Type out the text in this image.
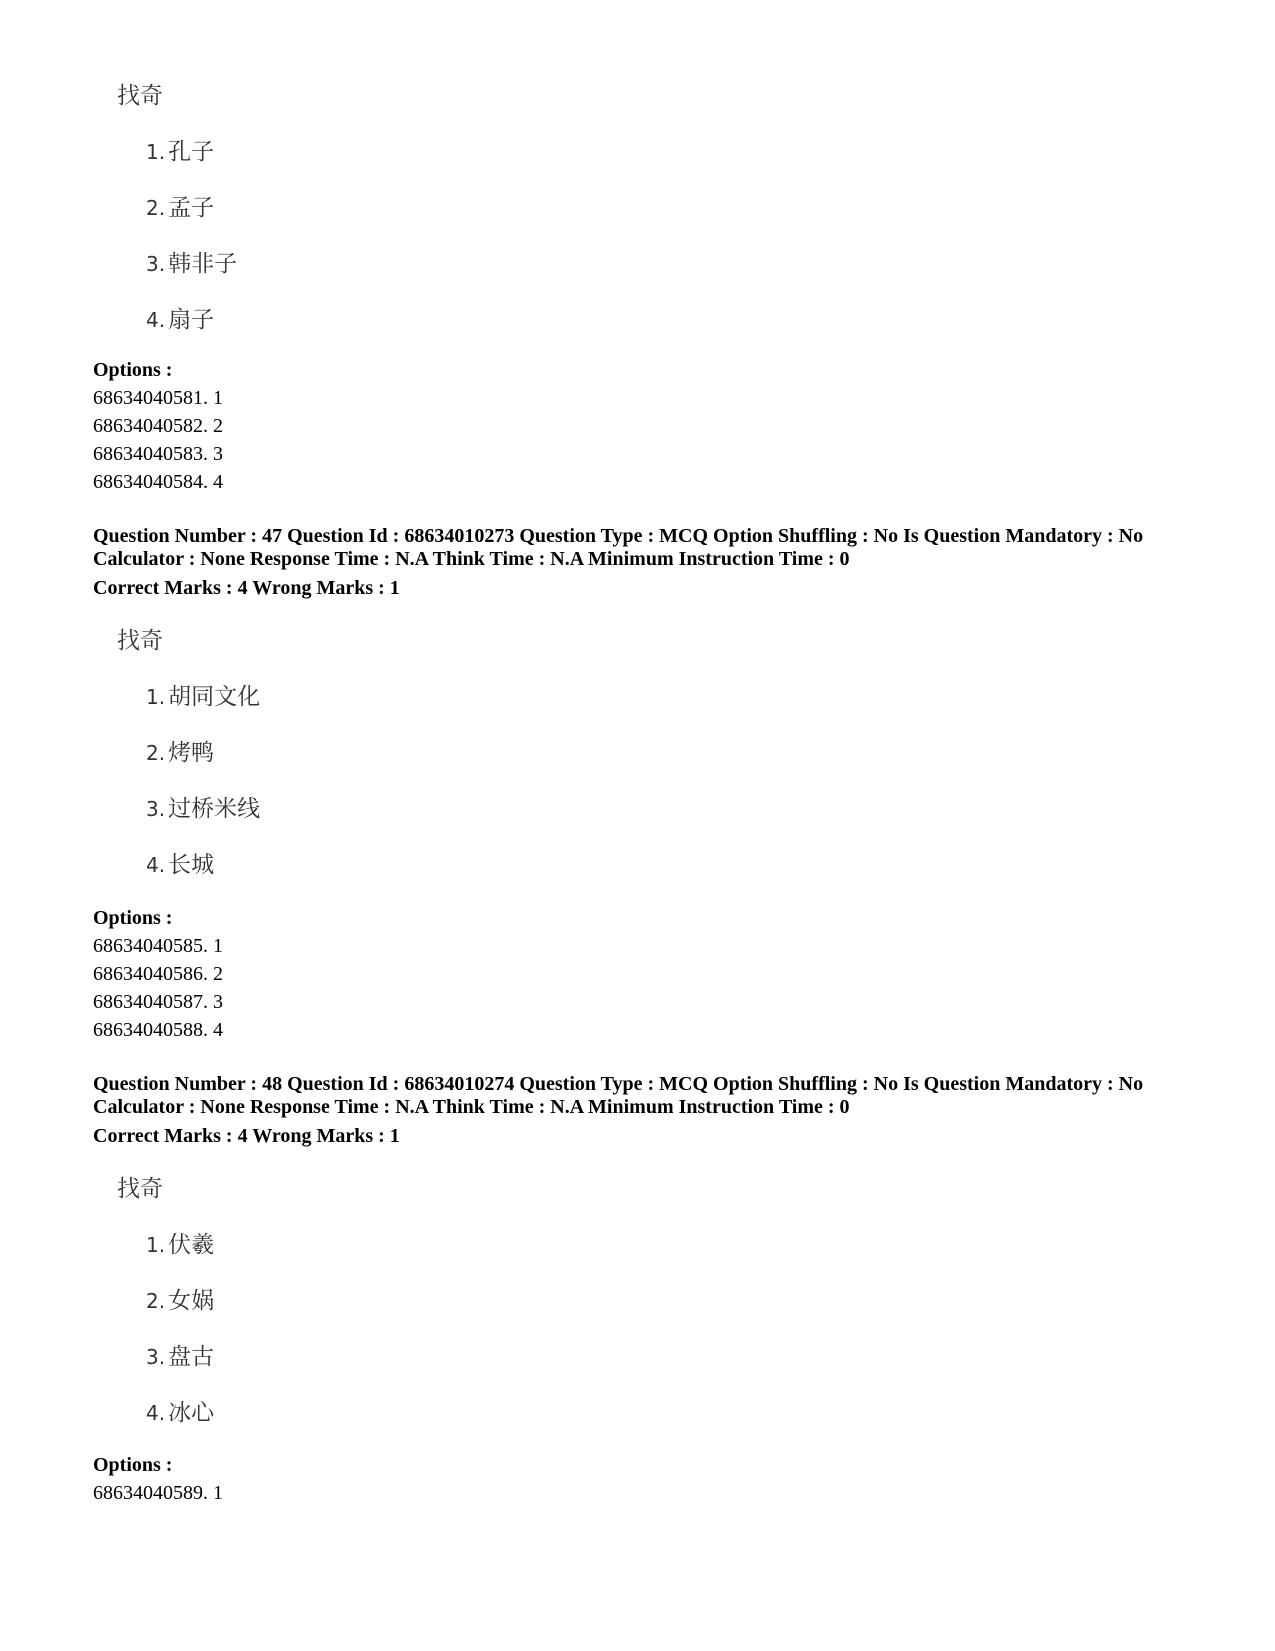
找奇
1. 孔子
2. 孟子
3. 韩非子
4. 扇子
Options :
68634040581. 1
68634040582. 2
68634040583. 3
68634040584. 4
Question Number : 47 Question Id : 68634010273 Question Type : MCQ Option Shuffling : No Is Question Mandatory : No Calculator : None Response Time : N.A Think Time : N.A Minimum Instruction Time : 0
Correct Marks : 4 Wrong Marks : 1
找奇
1. 胡同文化
2. 烤鸭
3. 过桥米线
4. 长城
Options :
68634040585. 1
68634040586. 2
68634040587. 3
68634040588. 4
Question Number : 48 Question Id : 68634010274 Question Type : MCQ Option Shuffling : No Is Question Mandatory : No Calculator : None Response Time : N.A Think Time : N.A Minimum Instruction Time : 0
Correct Marks : 4 Wrong Marks : 1
找奇
1. 伏羲
2. 女娲
3. 盘古
4. 冰心
Options :
68634040589. 1
